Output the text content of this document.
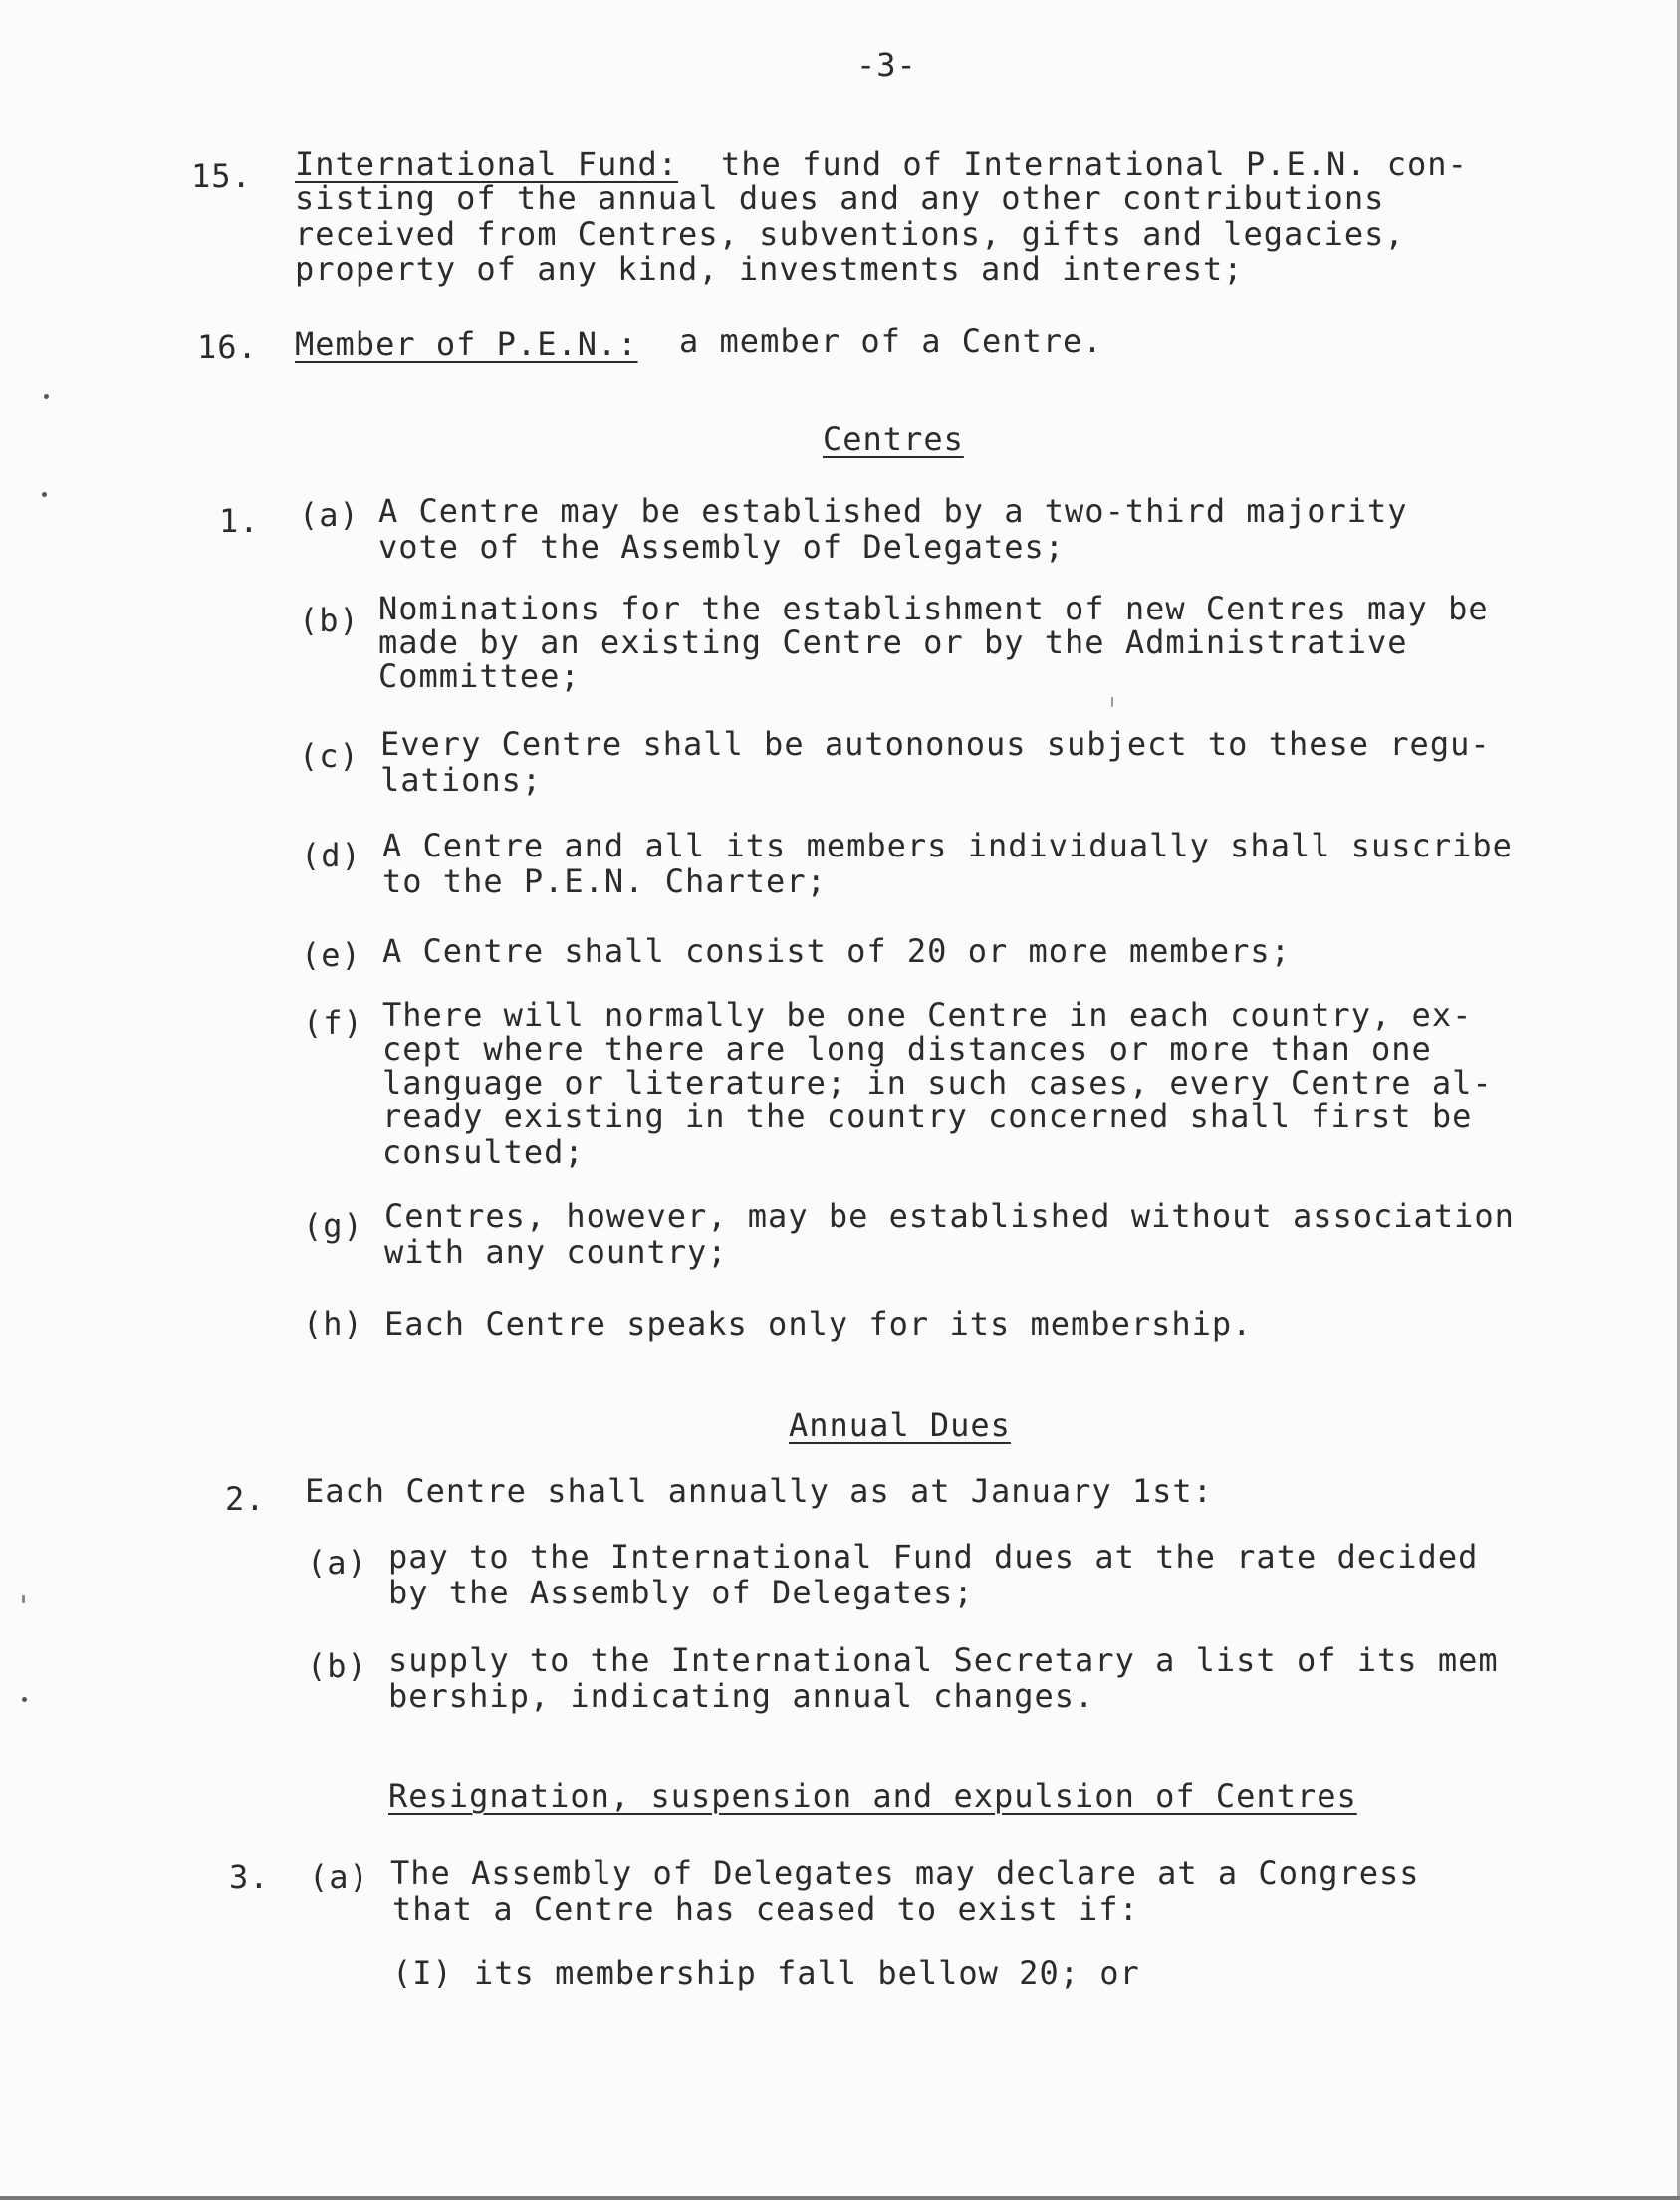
-3-
15. International Fund: the fund of International P.E.N. con-
sisting of the annual dues and any other contributions
received from Centres, subventions, gifts and legacies,
property of any kind, investments and interest;
16. Member of P.E.N.: a member of a Centre.
Centres
1. (a) A Centre may be established by a two-third majority
vote of the Assembly of Delegates;
(b) Nominations for the establishment of new Centres may be
made by an existing Centre or by the Administrative
Committee;
(c) Every Centre shall be autononous subject to these regu-
lations;
(d) A Centre and all its members individually shall suscribe
to the P.E.N. Charter;
(e) A Centre shall consist of 20 or more members;
(f) There will normally be one Centre in each country, ex-
cept where there are long distances or more than one
language or literature; in such cases, every Centre al-
ready existing in the country concerned shall first be
consulted;
(g) Centres, however, may be established without association
with any country;
(h) Each Centre speaks only for its membership.
Annual Dues
2. Each Centre shall annually as at January 1st:
(a) pay to the International Fund dues at the rate decided
by the Assembly of Delegates;
(b) supply to the International Secretary a list of its mem
bership, indicating annual changes.
Resignation, suspension and expulsion of Centres
3. (a) The Assembly of Delegates may declare at a Congress
that a Centre has ceased to exist if:
(I) its membership fall bellow 20; or
